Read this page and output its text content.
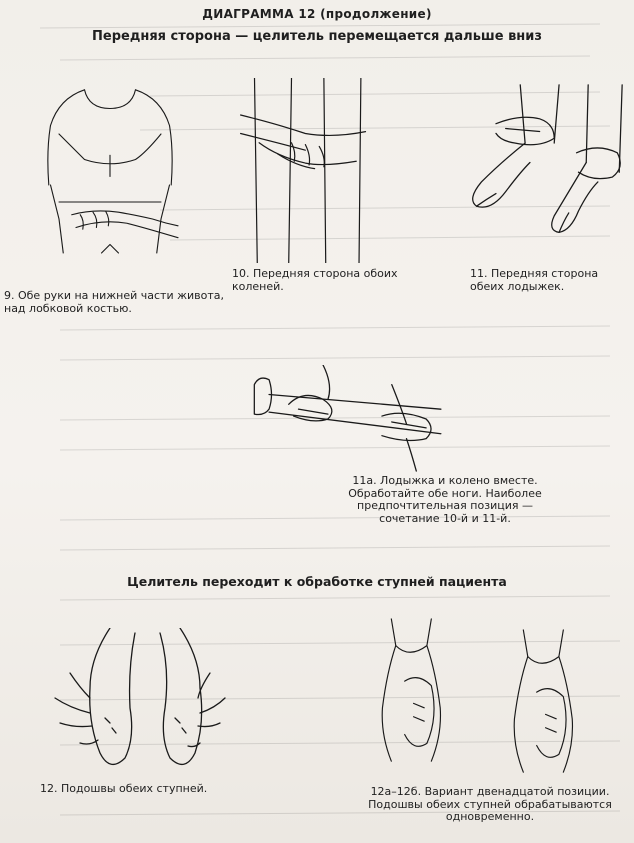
ДИАГРАММА 12 (продолжение)
Передняя сторона — целитель перемещается дальше вниз

9. Обе руки на нижней части живота, над лобковой костью.

10. Передняя сторона обоих коленей.

11. Передняя сторона обеих лодыжек.

11а. Лодыжка и колено вместе. Обработайте обе ноги. Наиболее предпочтительная позиция — сочетание 10-й и 11-й.

Целитель переходит к обработке ступней пациента

12. Подошвы обеих ступней.	12а–12б. Вариант двенадцатой позиции. Подошвы обеих ступней обрабатываются одновременно.
